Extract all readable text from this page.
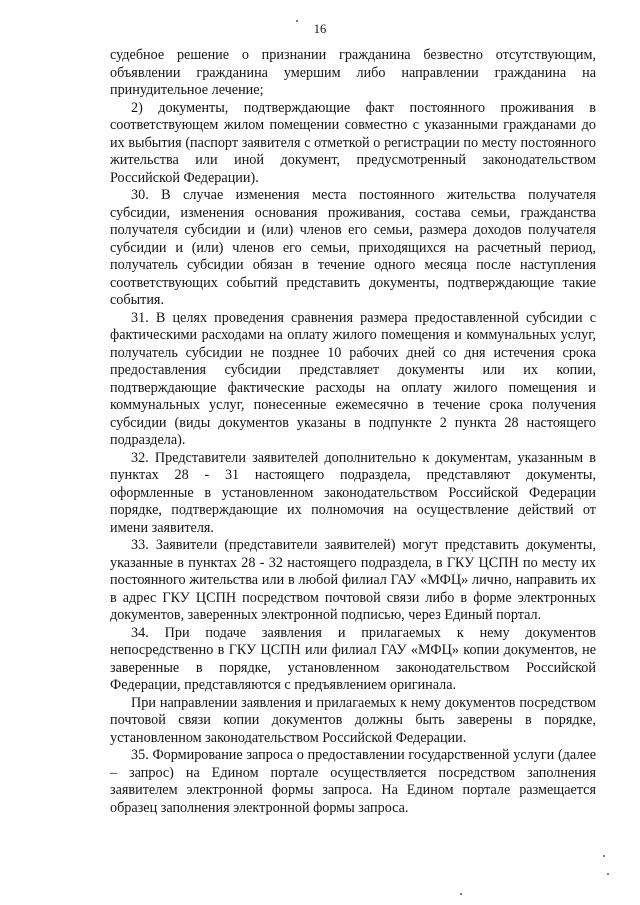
16

судебное решение о признании гражданина безвестно отсутствующим, объявлении гражданина умершим либо направлении гражданина на принудительное лечение;

2) документы, подтверждающие факт постоянного проживания в соответствующем жилом помещении совместно с указанными гражданами до их выбытия (паспорт заявителя с отметкой о регистрации по месту постоянного жительства или иной документ, предусмотренный законодательством Российской Федерации).

30. В случае изменения места постоянного жительства получателя субсидии, изменения основания проживания, состава семьи, гражданства получателя субсидии и (или) членов его семьи, размера доходов получателя субсидии и (или) членов его семьи, приходящихся на расчетный период, получатель субсидии обязан в течение одного месяца после наступления соответствующих событий представить документы, подтверждающие такие события.

31. В целях проведения сравнения размера предоставленной субсидии с фактическими расходами на оплату жилого помещения и коммунальных услуг, получатель субсидии не позднее 10 рабочих дней со дня истечения срока предоставления субсидии представляет документы или их копии, подтверждающие фактические расходы на оплату жилого помещения и коммунальных услуг, понесенные ежемесячно в течение срока получения субсидии (виды документов указаны в подпункте 2 пункта 28 настоящего подраздела).

32. Представители заявителей дополнительно к документам, указанным в пунктах 28 - 31 настоящего подраздела, представляют документы, оформленные в установленном законодательством Российской Федерации порядке, подтверждающие их полномочия на осуществление действий от имени заявителя.

33. Заявители (представители заявителей) могут представить документы, указанные в пунктах 28 - 32 настоящего подраздела, в ГКУ ЦСПН по месту их постоянного жительства или в любой филиал ГАУ «МФЦ» лично, направить их в адрес ГКУ ЦСПН посредством почтовой связи либо в форме электронных документов, заверенных электронной подписью, через Единый портал.

34. При подаче заявления и прилагаемых к нему документов непосредственно в ГКУ ЦСПН или филиал ГАУ «МФЦ» копии документов, не заверенные в порядке, установленном законодательством Российской Федерации, представляются с предъявлением оригинала.

При направлении заявления и прилагаемых к нему документов посредством почтовой связи копии документов должны быть заверены в порядке, установленном законодательством Российской Федерации.

35. Формирование запроса о предоставлении государственной услуги (далее – запрос) на Едином портале осуществляется посредством заполнения заявителем электронной формы запроса. На Едином портале размещается образец заполнения электронной формы запроса.
